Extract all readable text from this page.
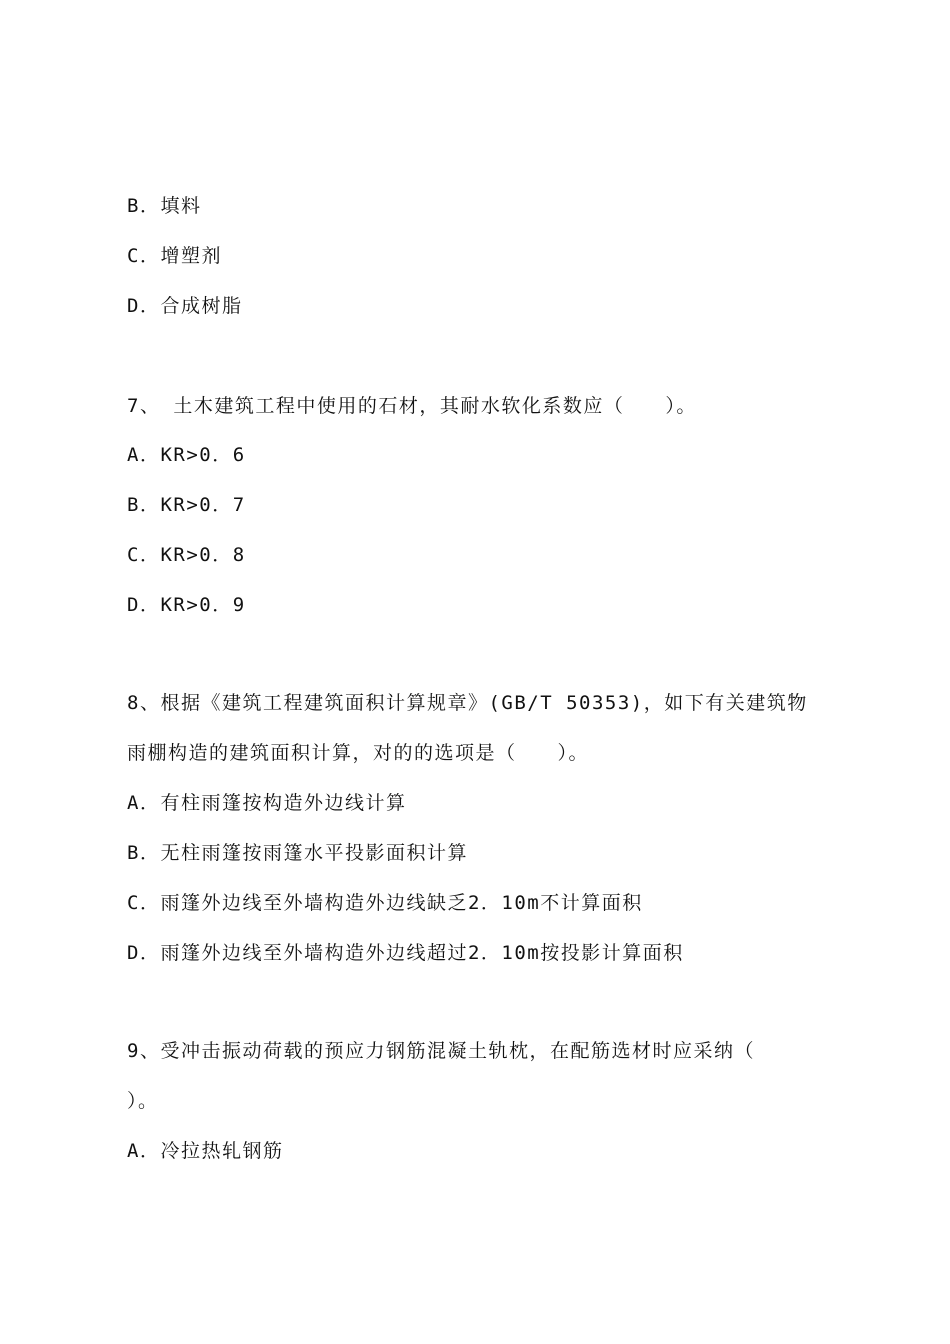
B．填料
C．增塑剂
D．合成树脂
7、 土木建筑工程中使用的石材，其耐水软化系数应（　　）。
A．KR>0．6
B．KR>0．7
C．KR>0．8
D．KR>0．9
8、根据《建筑工程建筑面积计算规章》(GB/T 50353)，如下有关建筑物
雨棚构造的建筑面积计算，对的的选项是（　　）。
A．有柱雨篷按构造外边线计算
B．无柱雨篷按雨篷水平投影面积计算
C．雨篷外边线至外墙构造外边线缺乏2．10m不计算面积
D．雨篷外边线至外墙构造外边线超过2．10m按投影计算面积
9、受冲击振动荷载的预应力钢筋混凝土轨枕，在配筋选材时应采纳（
）。
A．冷拉热轧钢筋
